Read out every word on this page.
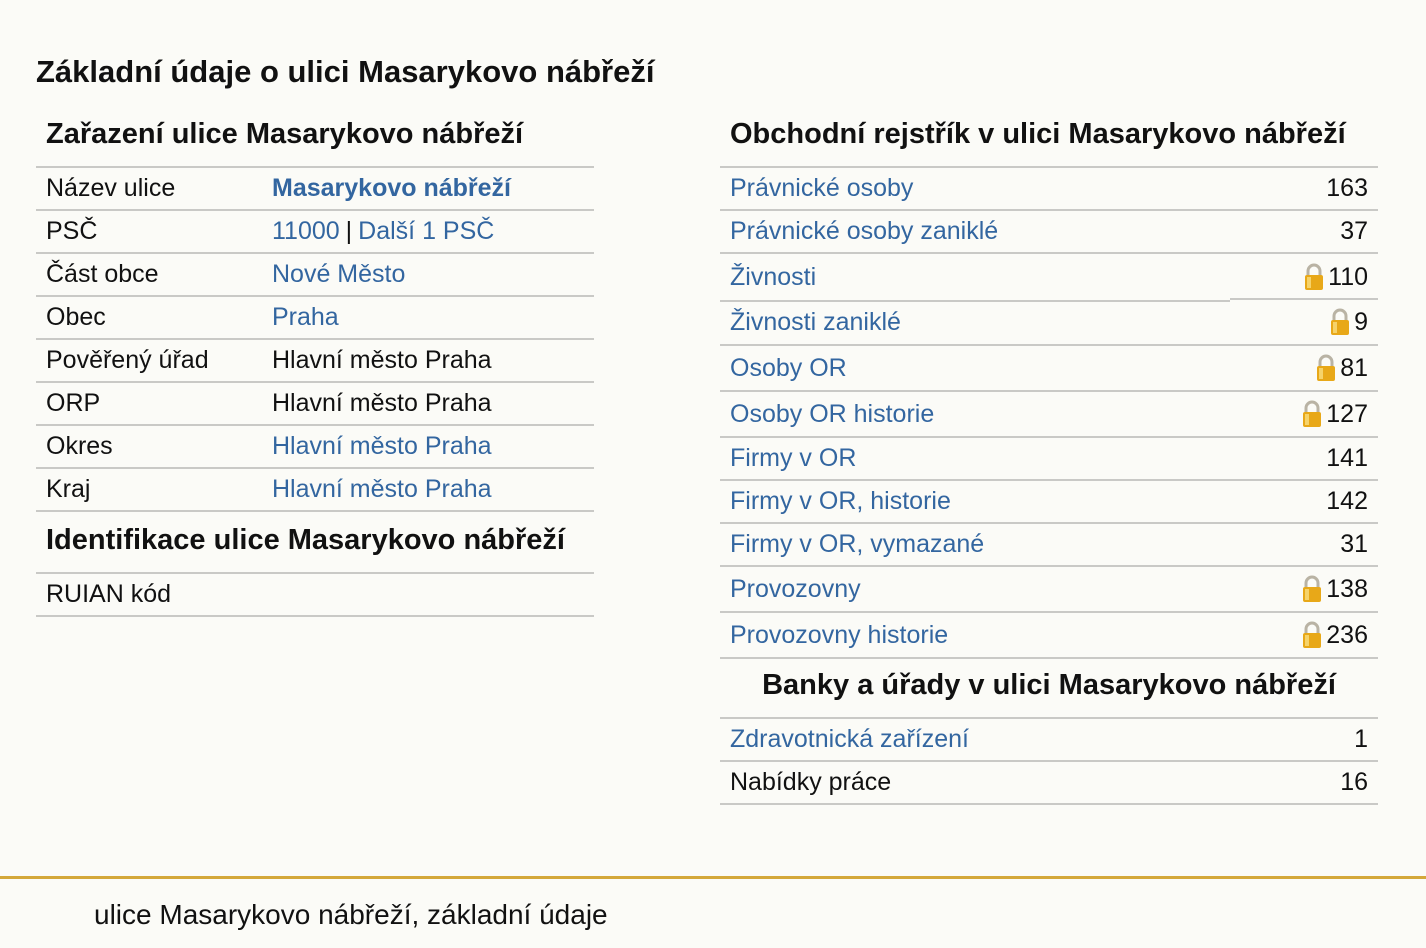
Základní údaje o ulici Masarykovo nábřeží
Zařazení ulice Masarykovo nábřeží
Název ulice	Masarykovo nábřeží
PSČ	11000 | Další 1 PSČ
Část obce	Nové Město
Obec	Praha
Pověřený úřad	Hlavní město Praha
ORP	Hlavní město Praha
Okres	Hlavní město Praha
Kraj	Hlavní město Praha
Identifikace ulice Masarykovo nábřeží
RUIAN kód
Obchodní rejstřík v ulici Masarykovo nábřeží
Právnické osoby	163
Právnické osoby zaniklé	37
Živnosti	110
Živnosti zaniklé	9
Osoby OR	81
Osoby OR historie	127
Firmy v OR	141
Firmy v OR, historie	142
Firmy v OR, vymazané	31
Provozovny	138
Provozovny historie	236
Banky a úřady v ulici Masarykovo nábřeží
Zdravotnická zařízení	1
Nabídky práce	16
ulice Masarykovo nábřeží, základní údaje
